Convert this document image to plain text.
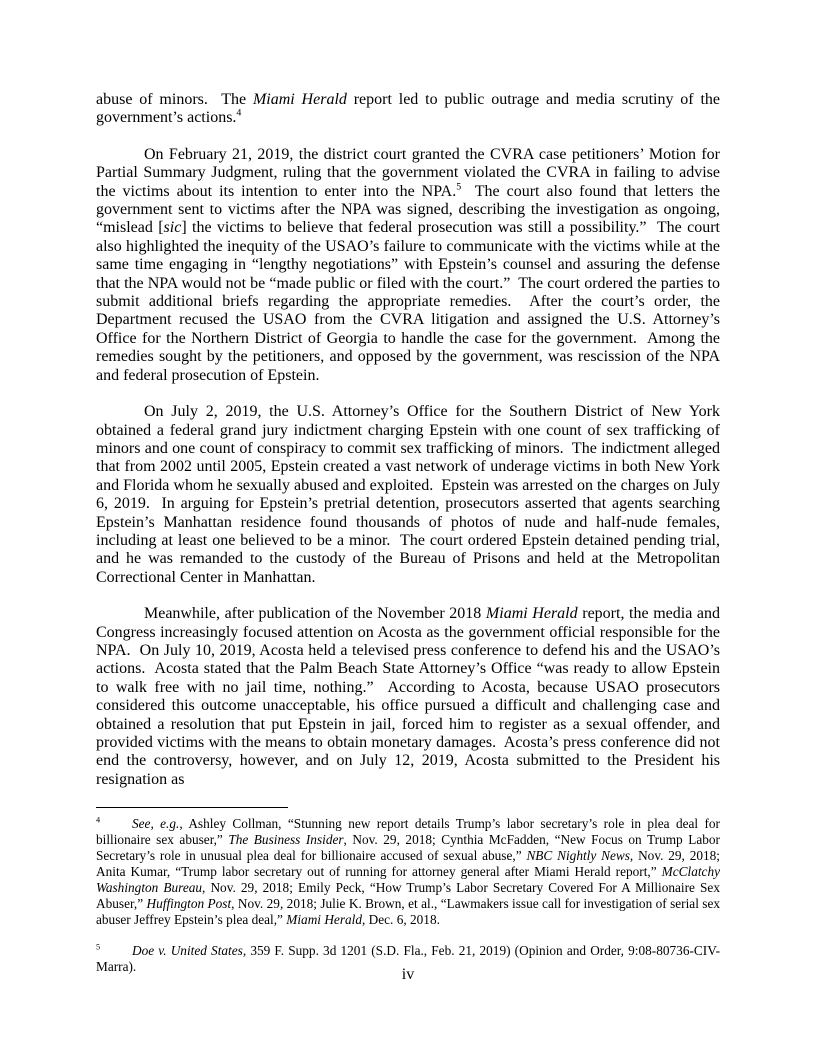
abuse of minors.  The Miami Herald report led to public outrage and media scrutiny of the government’s actions.$^4$

On February 21, 2019, the district court granted the CVRA case petitioners’ Motion for Partial Summary Judgment, ruling that the government violated the CVRA in failing to advise the victims about its intention to enter into the NPA.$^5$  The court also found that letters the government sent to victims after the NPA was signed, describing the investigation as ongoing, “mislead [sic] the victims to believe that federal prosecution was still a possibility.”  The court also highlighted the inequity of the USAO’s failure to communicate with the victims while at the same time engaging in “lengthy negotiations” with Epstein’s counsel and assuring the defense that the NPA would not be “made public or filed with the court.”  The court ordered the parties to submit additional briefs regarding the appropriate remedies.  After the court’s order, the Department recused the USAO from the CVRA litigation and assigned the U.S. Attorney’s Office for the Northern District of Georgia to handle the case for the government.  Among the remedies sought by the petitioners, and opposed by the government, was rescission of the NPA and federal prosecution of Epstein.

On July 2, 2019, the U.S. Attorney’s Office for the Southern District of New York obtained a federal grand jury indictment charging Epstein with one count of sex trafficking of minors and one count of conspiracy to commit sex trafficking of minors.  The indictment alleged that from 2002 until 2005, Epstein created a vast network of underage victims in both New York and Florida whom he sexually abused and exploited.  Epstein was arrested on the charges on July 6, 2019.  In arguing for Epstein’s pretrial detention, prosecutors asserted that agents searching Epstein’s Manhattan residence found thousands of photos of nude and half-nude females, including at least one believed to be a minor.  The court ordered Epstein detained pending trial, and he was remanded to the custody of the Bureau of Prisons and held at the Metropolitan Correctional Center in Manhattan.

Meanwhile, after publication of the November 2018 Miami Herald report, the media and Congress increasingly focused attention on Acosta as the government official responsible for the NPA.  On July 10, 2019, Acosta held a televised press conference to defend his and the USAO’s actions.  Acosta stated that the Palm Beach State Attorney’s Office “was ready to allow Epstein to walk free with no jail time, nothing.”  According to Acosta, because USAO prosecutors considered this outcome unacceptable, his office pursued a difficult and challenging case and obtained a resolution that put Epstein in jail, forced him to register as a sexual offender, and provided victims with the means to obtain monetary damages.  Acosta’s press conference did not end the controversy, however, and on July 12, 2019, Acosta submitted to the President his resignation as

$^4$ See, e.g., Ashley Collman, “Stunning new report details Trump’s labor secretary’s role in plea deal for billionaire sex abuser,” The Business Insider, Nov. 29, 2018; Cynthia McFadden, “New Focus on Trump Labor Secretary’s role in unusual plea deal for billionaire accused of sexual abuse,” NBC Nightly News, Nov. 29, 2018; Anita Kumar, “Trump labor secretary out of running for attorney general after Miami Herald report,” McClatchy Washington Bureau, Nov. 29, 2018; Emily Peck, “How Trump’s Labor Secretary Covered For A Millionaire Sex Abuser,” Huffington Post, Nov. 29, 2018; Julie K. Brown, et al., “Lawmakers issue call for investigation of serial sex abuser Jeffrey Epstein’s plea deal,” Miami Herald, Dec. 6, 2018.

$^5$ Doe v. United States, 359 F. Supp. 3d 1201 (S.D. Fla., Feb. 21, 2019) (Opinion and Order, 9:08-80736-CIV-Marra).	iv
